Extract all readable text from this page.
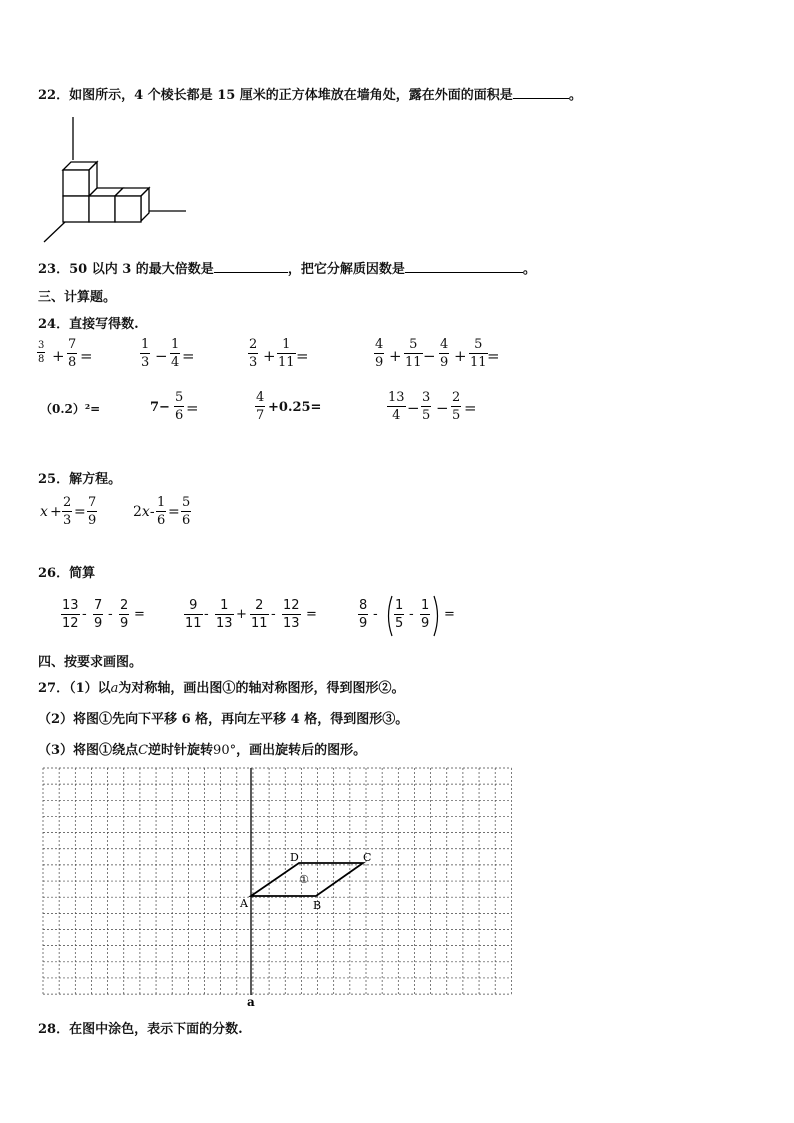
22．如图所示，4 个棱长都是 15 厘米的正方体堆放在墙角处，露在外面的面积是	。
23．50 以内 3 的最大倍数是	，把它分解质因数是	。
三、计算题。
24．直接写得数.
3
8 +
7
8 =
1
3 −
1
4 =
2
3 +
1
11 =
4
9 +
5
11 −
4
9 +
5
11 =
（0.2）²=	7−
5
6 =
4
7
+0.25=
13
4 −
3
5 −
2
5 =
25．解方程。
x +
2
3
=
7
9
2x-
1
6
=
5
6
26．简算
13
12
-
7
9
-
2
9
=
9
11
-
1
13
+
2
11
-
12
13
=
8
9
-
1
5
-
1
9
=
四、按要求画图。
27．（1）以a为对称轴，画出图①的轴对称图形，得到图形②。
（2）将图①先向下平移 6 格，再向左平移 4 格，得到图形③。
（3）将图①绕点C逆时针旋转90°，画出旋转后的图形。
A	B
C
D
①
a
28．在图中涂色，表示下面的分数.
